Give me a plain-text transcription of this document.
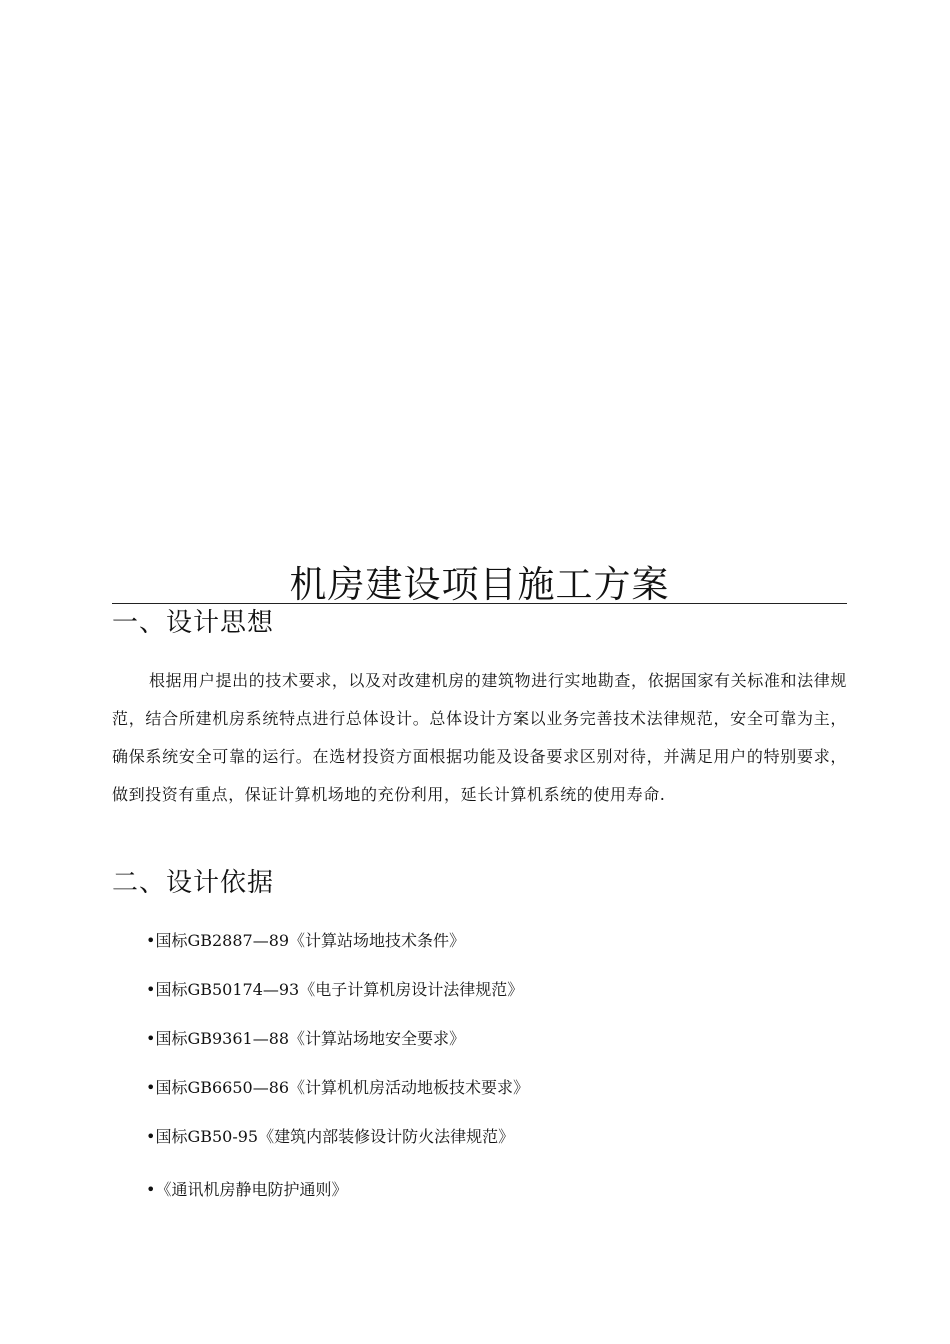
机房建设项目施工方案
一、设计思想

根据用户提出的技术要求，以及对改建机房的建筑物进行实地勘查，依据国家有关标准和法律规范，结合所建机房系统特点进行总体设计。总体设计方案以业务完善技术法律规范，安全可靠为主，确保系统安全可靠的运行。在选材投资方面根据功能及设备要求区别对待，并满足用户的特别要求，做到投资有重点，保证计算机场地的充份利用，延长计算机系统的使用寿命.

二、设计依据
•国标GB2887—89《计算站场地技术条件》
•国标GB50174—93《电子计算机房设计法律规范》
•国标GB9361—88《计算站场地安全要求》
•国标GB6650—86《计算机机房活动地板技术要求》
•国标GB50-95《建筑内部装修设计防火法律规范》
•《通讯机房静电防护通则》
